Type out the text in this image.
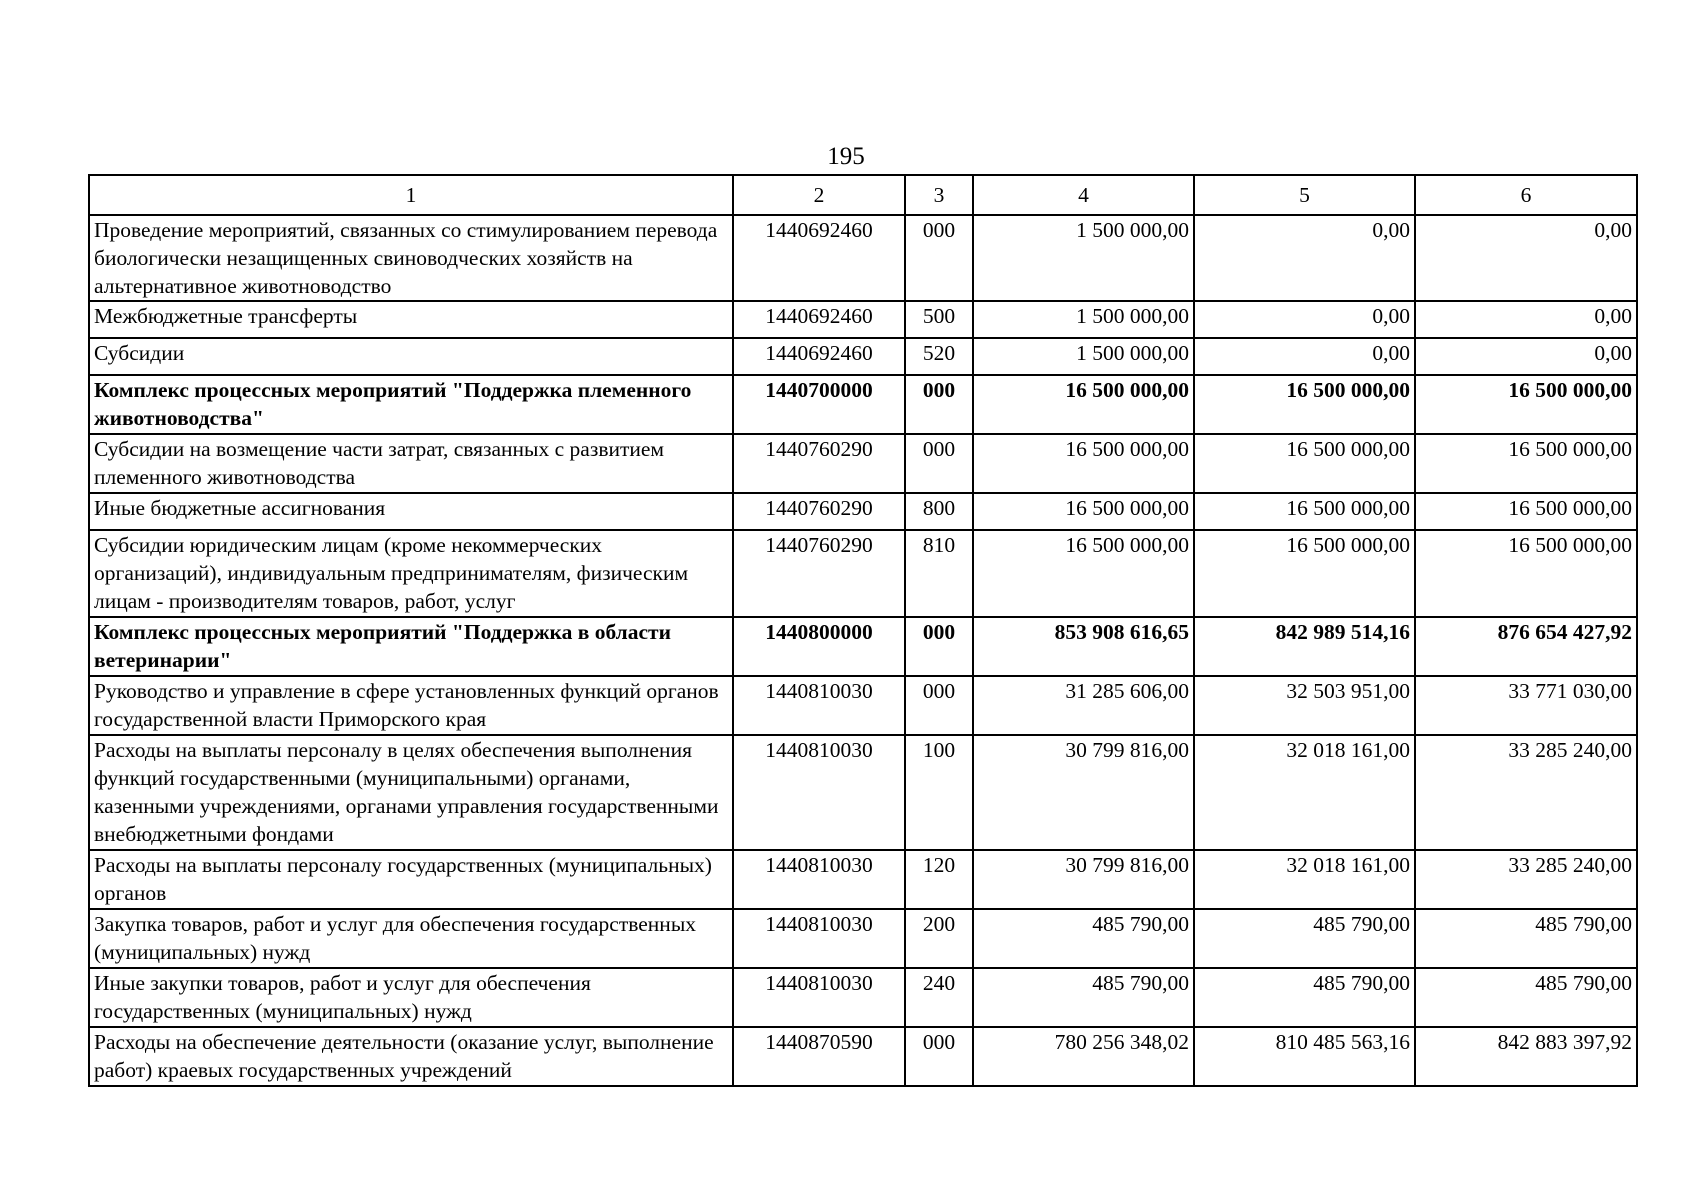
195
1	2	3	4	5	6
Проведение мероприятий, связанных со стимулированием перевода биологически незащищенных свиноводческих хозяйств на альтернативное животноводство	1440692460	000	1 500 000,00	0,00	0,00
Межбюджетные трансферты	1440692460	500	1 500 000,00	0,00	0,00
Субсидии	1440692460	520	1 500 000,00	0,00	0,00
Комплекс процессных мероприятий "Поддержка племенного животноводства"	1440700000	000	16 500 000,00	16 500 000,00	16 500 000,00
Субсидии на возмещение части затрат, связанных с развитием племенного животноводства	1440760290	000	16 500 000,00	16 500 000,00	16 500 000,00
Иные бюджетные ассигнования	1440760290	800	16 500 000,00	16 500 000,00	16 500 000,00
Субсидии юридическим лицам (кроме некоммерческих организаций), индивидуальным предпринимателям, физическим лицам - производителям товаров, работ, услуг	1440760290	810	16 500 000,00	16 500 000,00	16 500 000,00
Комплекс процессных мероприятий "Поддержка в области ветеринарии"	1440800000	000	853 908 616,65	842 989 514,16	876 654 427,92
Руководство и управление в сфере установленных функций органов государственной власти Приморского края	1440810030	000	31 285 606,00	32 503 951,00	33 771 030,00
Расходы на выплаты персоналу в целях обеспечения выполнения функций государственными (муниципальными) органами, казенными учреждениями, органами управления государственными внебюджетными фондами	1440810030	100	30 799 816,00	32 018 161,00	33 285 240,00
Расходы на выплаты персоналу государственных (муниципальных) органов	1440810030	120	30 799 816,00	32 018 161,00	33 285 240,00
Закупка товаров, работ и услуг для обеспечения государственных (муниципальных) нужд	1440810030	200	485 790,00	485 790,00	485 790,00
Иные закупки товаров, работ и услуг для обеспечения государственных (муниципальных) нужд	1440810030	240	485 790,00	485 790,00	485 790,00
Расходы на обеспечение деятельности (оказание услуг, выполнение работ) краевых государственных учреждений	1440870590	000	780 256 348,02	810 485 563,16	842 883 397,92
